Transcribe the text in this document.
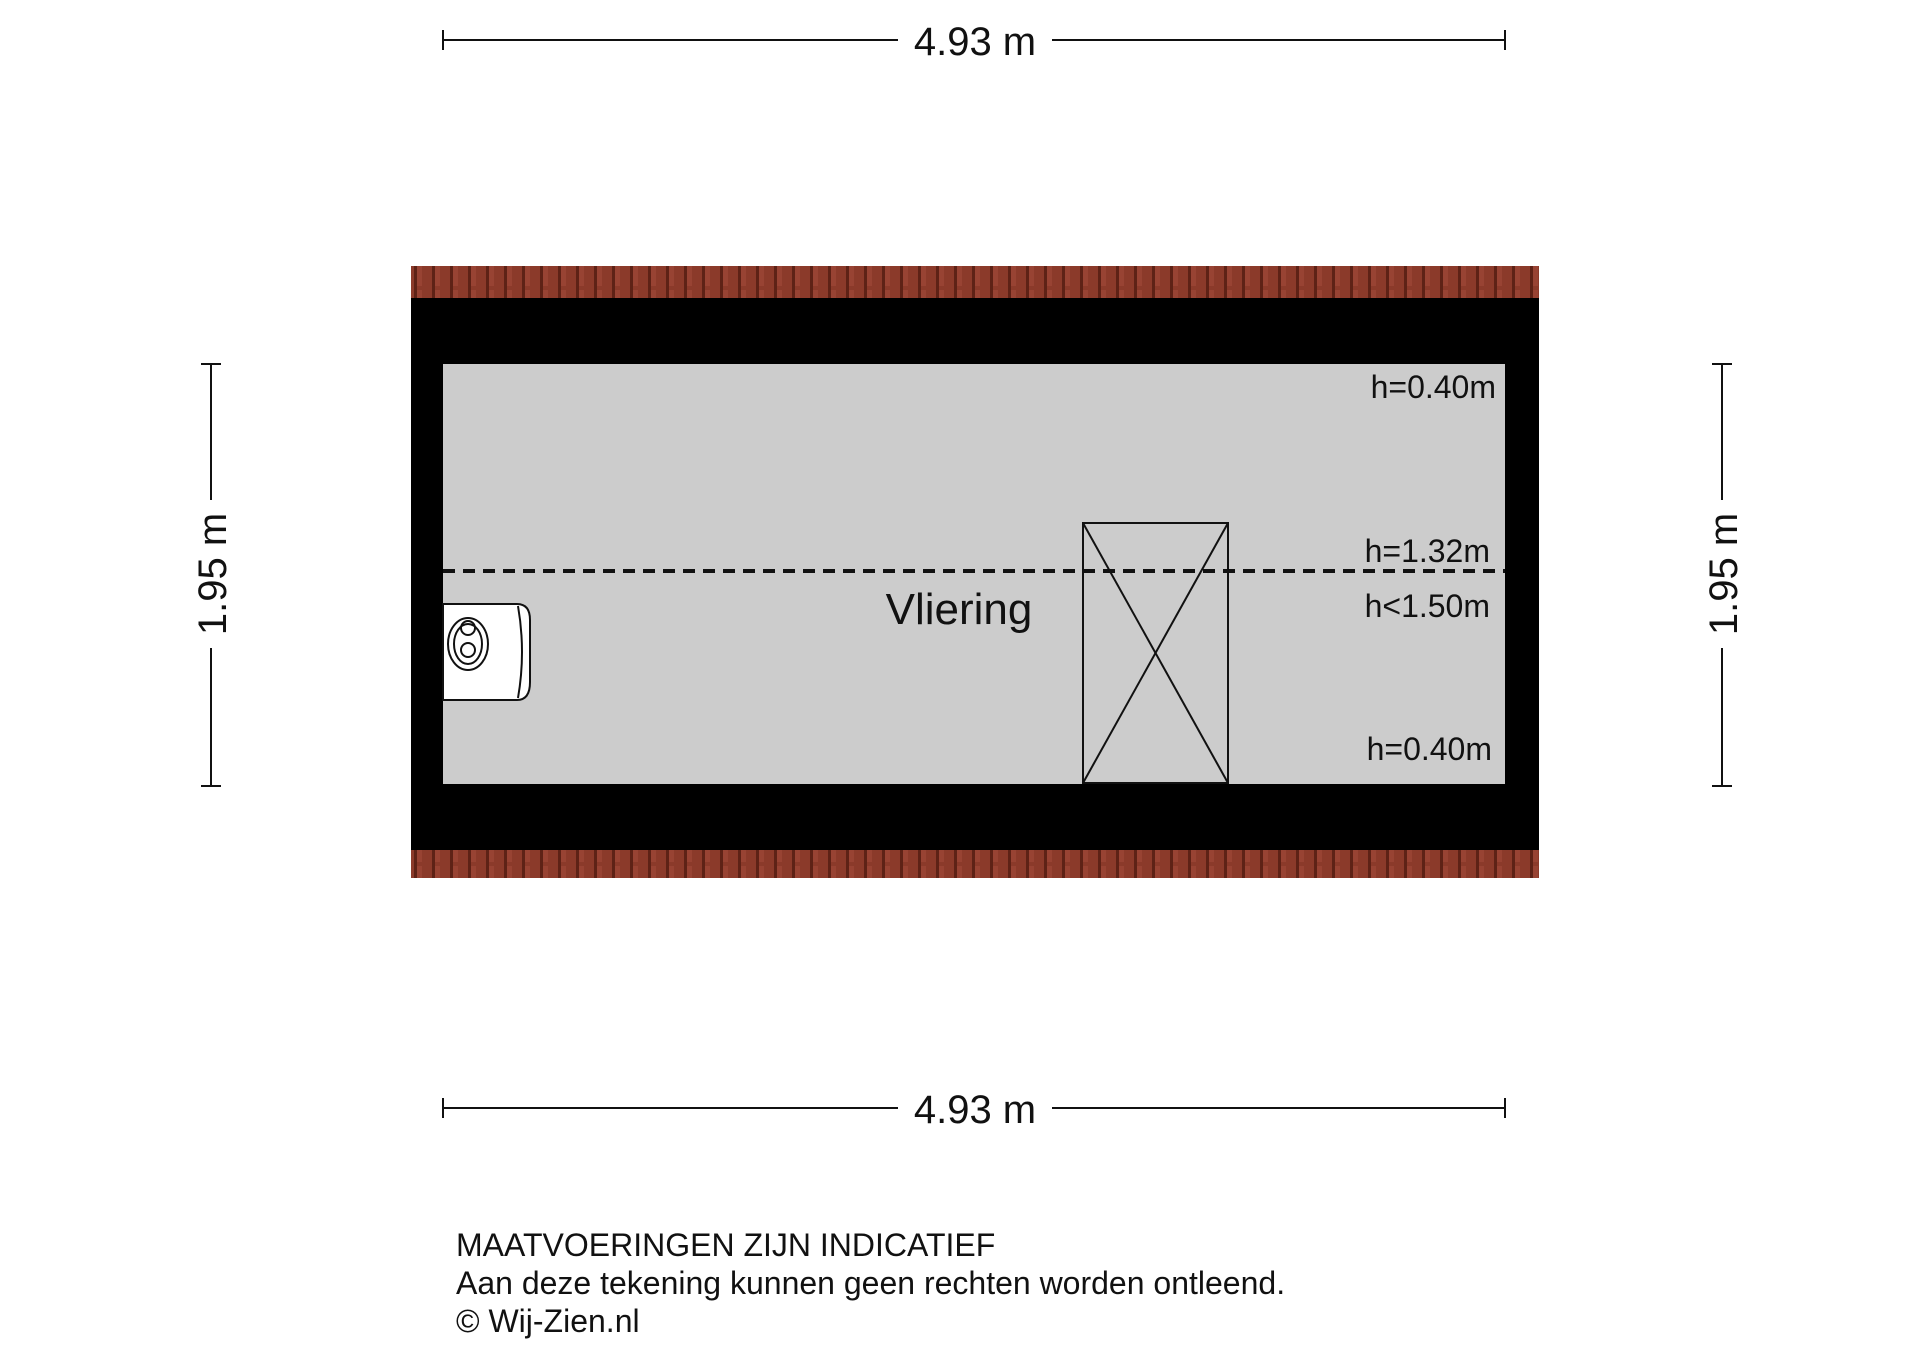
4.93 m
4.93 m
1.95 m	1.95 m
Vliering
h=0.40m
h=1.32m
h<1.50m
h=0.40m
MAATVOERINGEN ZIJN INDICATIEF
Aan deze tekening kunnen geen rechten worden ontleend.
© Wij-Zien.nl
